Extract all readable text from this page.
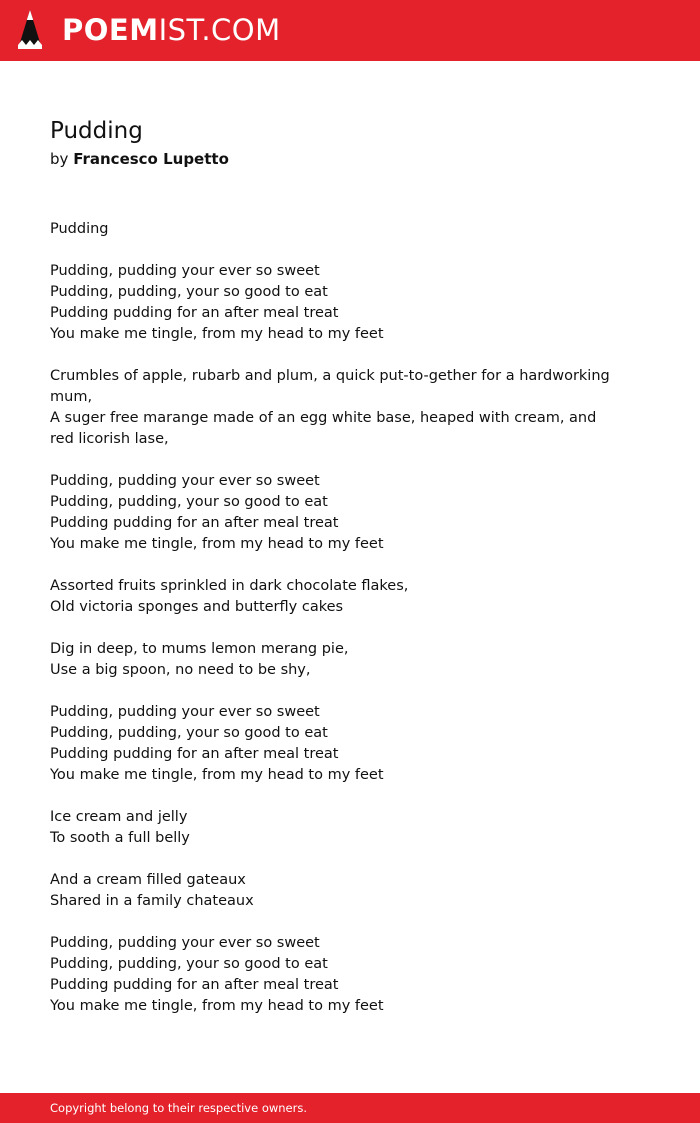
POEMIST.COM
Pudding
by Francesco Lupetto
Pudding
Pudding, pudding your ever so sweet
Pudding, pudding, your so good to eat
Pudding pudding for an after meal treat
You make me tingle, from my head to my feet
Crumbles of apple, rubarb and plum, a quick put-to-gether for a hardworking mum,
A suger free marange made of an egg white base, heaped with cream, and red licorish lase,
Pudding, pudding your ever so sweet
Pudding, pudding, your so good to eat
Pudding pudding for an after meal treat
You make me tingle, from my head to my feet
Assorted fruits sprinkled in dark chocolate flakes,
Old victoria sponges and butterfly cakes
Dig in deep, to mums lemon merang pie,
Use a big spoon, no need to be shy,
Pudding, pudding your ever so sweet
Pudding, pudding, your so good to eat
Pudding pudding for an after meal treat
You make me tingle, from my head to my feet
Ice cream and jelly
To sooth a full belly
And a cream filled gateaux
Shared in a family chateaux
Pudding, pudding your ever so sweet
Pudding, pudding, your so good to eat
Pudding pudding for an after meal treat
You make me tingle, from my head to my feet
Copyright belong to their respective owners.
